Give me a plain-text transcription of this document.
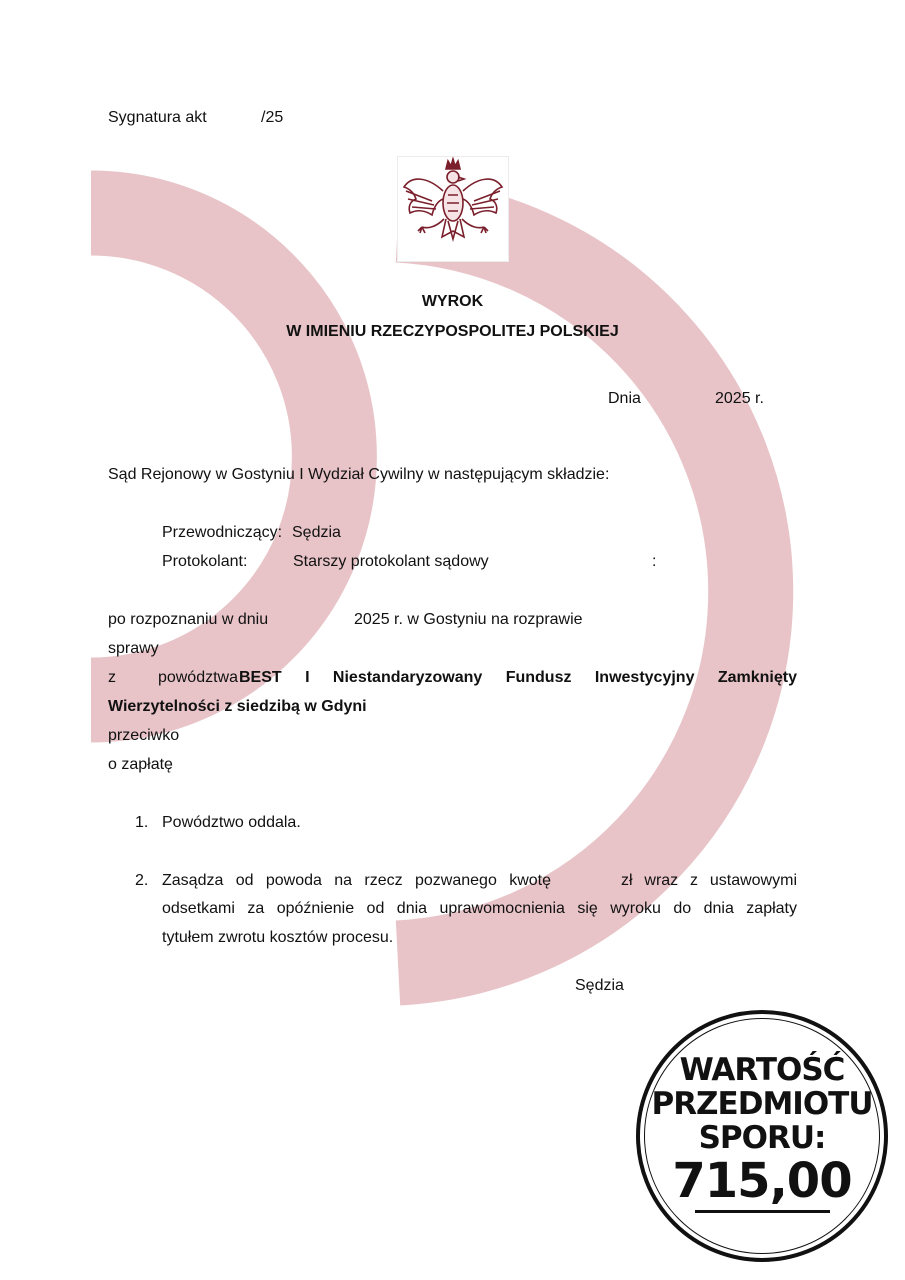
Sygnatura akt	/25
WYROK
W IMIENIU RZECZYPOSPOLITEJ POLSKIEJ
Dnia	2025 r.
Sąd Rejonowy w Gostyniu I Wydział Cywilny w następującym składzie:
Przewodniczący: Sędzia
Protokolant:	Starszy protokolant sądowy	:
po rozpoznaniu w dniu	2025 r. w Gostyniu na rozprawie
sprawy
z powództwa BEST I Niestandaryzowany Fundusz Inwestycyjny Zamknięty
Wierzytelności z siedzibą w Gdyni
przeciwko
o zapłatę
1. Powództwo oddala.
2. Zasądza od powoda na rzecz pozwanego kwotę	zł wraz z ustawowymi
odsetkami za opóźnienie od dnia uprawomocnienia się wyroku do dnia zapłaty
tytułem zwrotu kosztów procesu.
Sędzia
WARTOŚĆ
PRZEDMIOTU
SPORU:
715,00
